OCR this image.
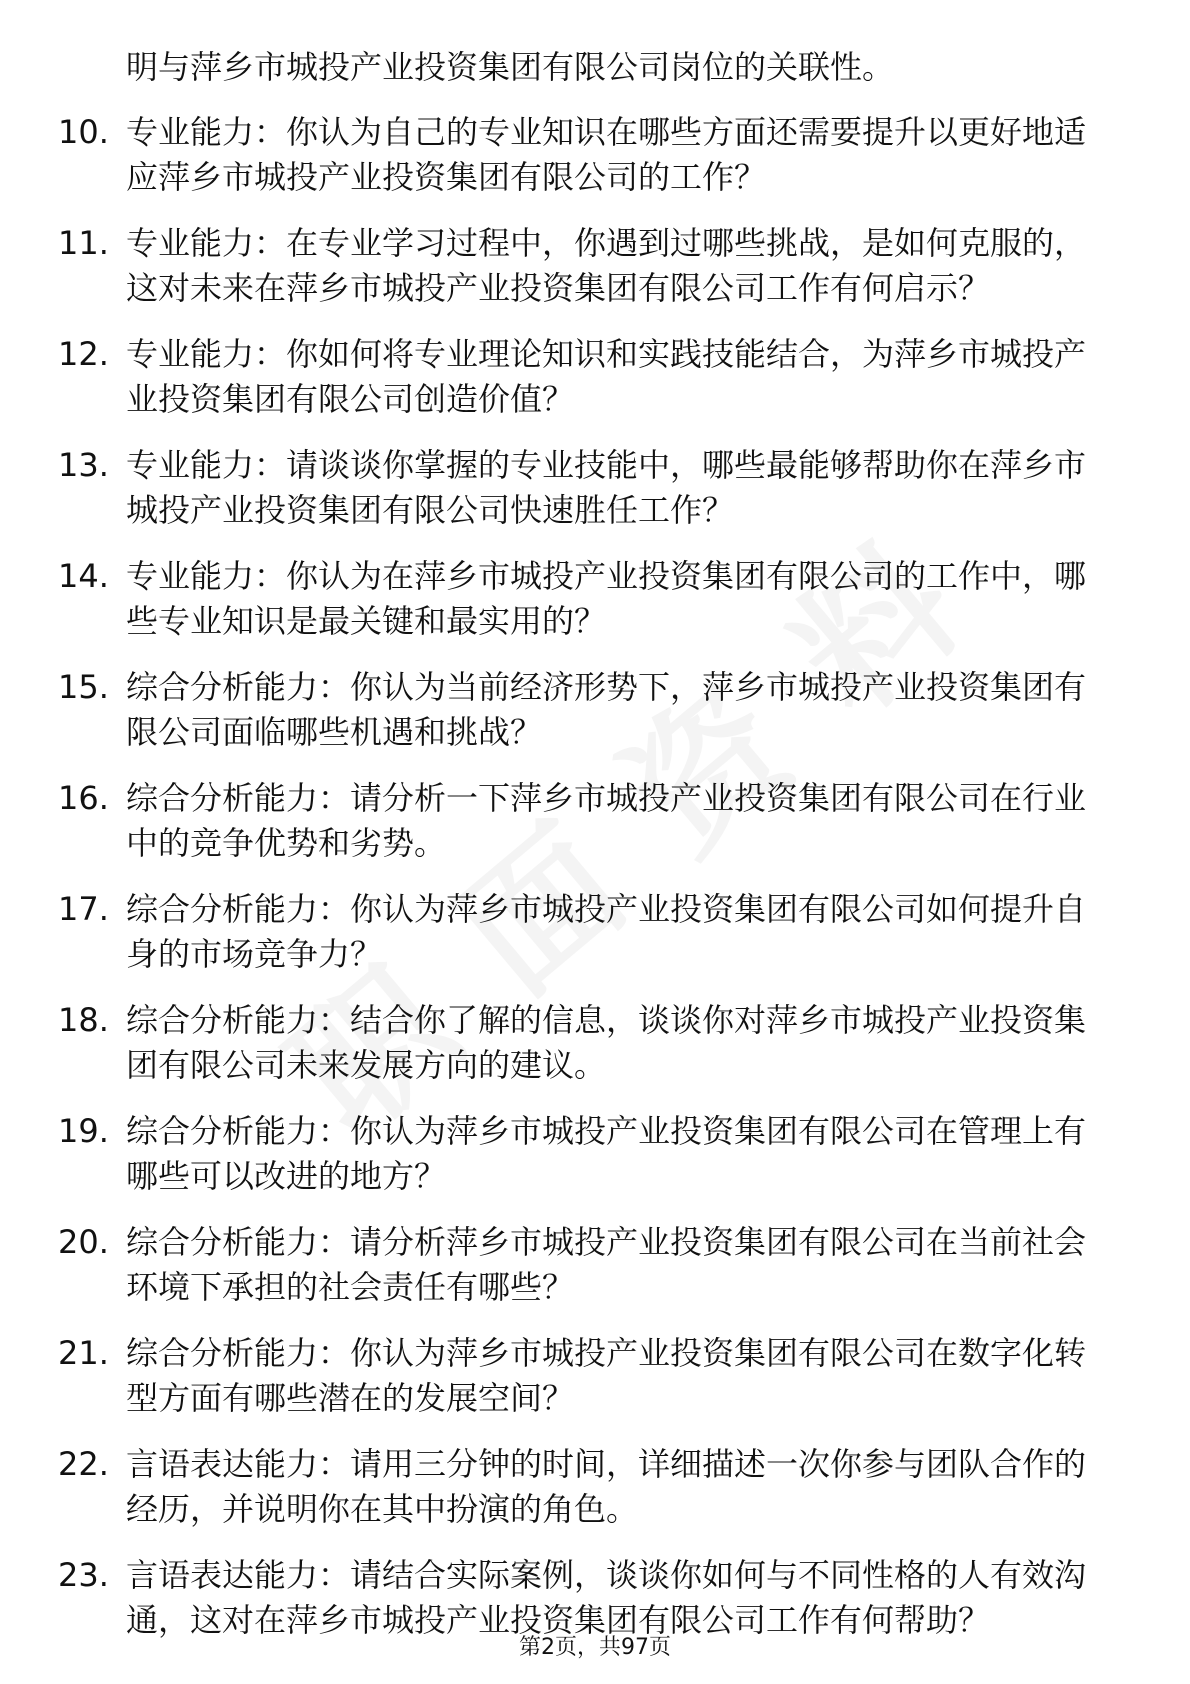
明与萍乡市城投产业投资集团有限公司岗位的关联性。

10. 专业能力：你认为自己的专业知识在哪些方面还需要提升以更好地适应萍乡市城投产业投资集团有限公司的工作？
11. 专业能力：在专业学习过程中，你遇到过哪些挑战，是如何克服的，这对未来在萍乡市城投产业投资集团有限公司工作有何启示？
12. 专业能力：你如何将专业理论知识和实践技能结合，为萍乡市城投产业投资集团有限公司创造价值？
13. 专业能力：请谈谈你掌握的专业技能中，哪些最能够帮助你在萍乡市城投产业投资集团有限公司快速胜任工作？
14. 专业能力：你认为在萍乡市城投产业投资集团有限公司的工作中，哪些专业知识是最关键和最实用的？
15. 综合分析能力：你认为当前经济形势下，萍乡市城投产业投资集团有限公司面临哪些机遇和挑战？
16. 综合分析能力：请分析一下萍乡市城投产业投资集团有限公司在行业中的竞争优势和劣势。
17. 综合分析能力：你认为萍乡市城投产业投资集团有限公司如何提升自身的市场竞争力？
18. 综合分析能力：结合你了解的信息，谈谈你对萍乡市城投产业投资集团有限公司未来发展方向的建议。
19. 综合分析能力：你认为萍乡市城投产业投资集团有限公司在管理上有哪些可以改进的地方？
20. 综合分析能力：请分析萍乡市城投产业投资集团有限公司在当前社会环境下承担的社会责任有哪些？
21. 综合分析能力：你认为萍乡市城投产业投资集团有限公司在数字化转型方面有哪些潜在的发展空间？
22. 言语表达能力：请用三分钟的时间，详细描述一次你参与团队合作的经历，并说明你在其中扮演的角色。
23. 言语表达能力：请结合实际案例，谈谈你如何与不同性格的人有效沟通，这对在萍乡市城投产业投资集团有限公司工作有何帮助？
第2页，共97页
